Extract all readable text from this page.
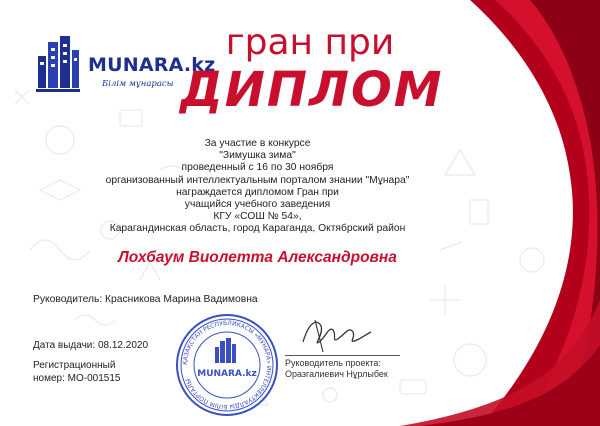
MUNARA.kz
Білім мұнарасы
гран при
ДИПЛОМ
За участие в конкурсе
"Зимушка зима"
проведенный с 16 по 30 ноября
организованный интеллектуальным порталом знании "Мұнара"
награждается дипломом Гран при
учащийся учебного заведения
КГУ «СОШ № 54»,
Карагандинская область, город Караганда, Октябрский район
Лохбаум Виолетта Александровна
Руководитель: Красникова Марина Вадимовна
Дата выдачи: 08.12.2020
Регистрационный
номер: МО-001515
ҚАЗАҚСТАН РЕСПУБЛИКАСЫ «МҰНАРА» ИНТЕЛЛЕКТУАЛДЫ БІЛІМ ПОРТАЛЫ
MUNARA.kz
Руководитель проекта:
Оразгалиевич Нұрлыбек
